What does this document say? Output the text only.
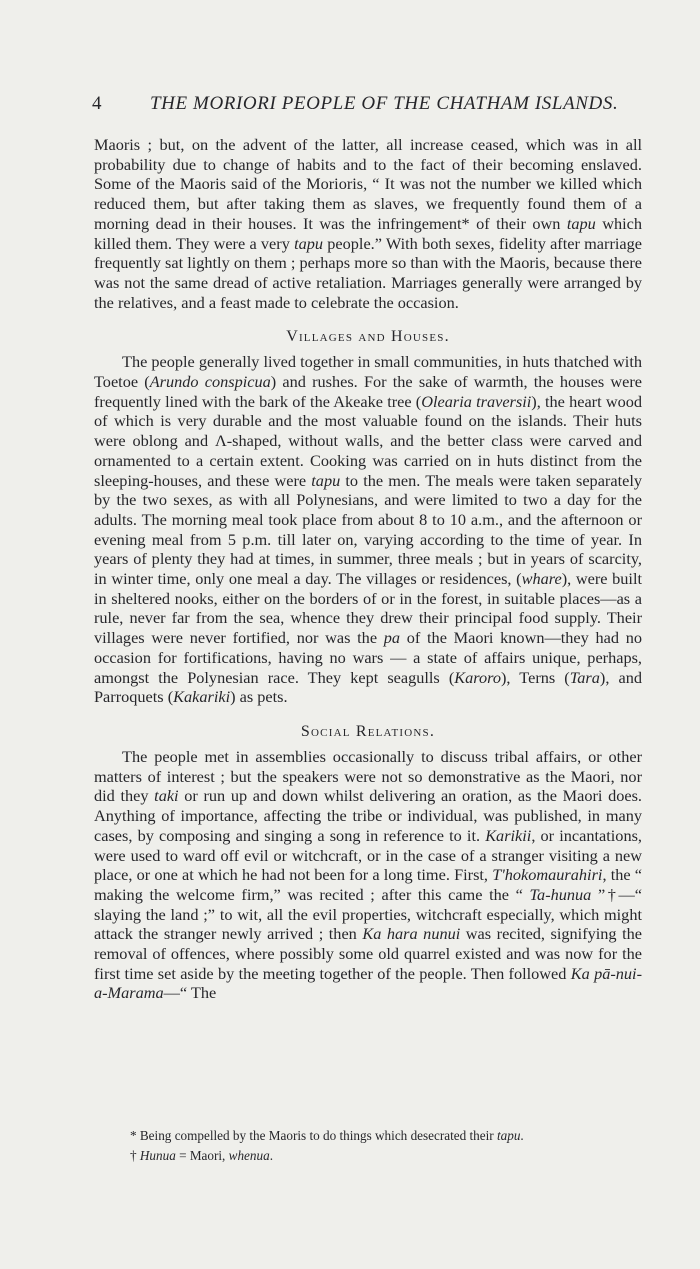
4	THE MORIORI PEOPLE OF THE CHATHAM ISLANDS.

Maoris ; but, on the advent of the latter, all increase ceased, which was in all probability due to change of habits and to the fact of their becoming enslaved. Some of the Maoris said of the Morioris, “ It was not the number we killed which reduced them, but after taking them as slaves, we frequently found them of a morning dead in their houses. It was the infringement* of their own tapu which killed them. They were a very tapu people.” With both sexes, fidelity after marriage frequently sat lightly on them ; perhaps more so than with the Maoris, because there was not the same dread of active retaliation. Marriages generally were arranged by the relatives, and a feast made to celebrate the occasion.

Villages and Houses.

The people generally lived together in small communities, in huts thatched with Toetoe (Arundo conspicua) and rushes. For the sake of warmth, the houses were frequently lined with the bark of the Akeake tree (Olearia traversii), the heart wood of which is very durable and the most valuable found on the islands. Their huts were oblong and Λ-shaped, without walls, and the better class were carved and ornamented to a certain extent. Cooking was carried on in huts distinct from the sleeping-houses, and these were tapu to the men. The meals were taken separately by the two sexes, as with all Polynesians, and were limited to two a day for the adults. The morning meal took place from about 8 to 10 a.m., and the afternoon or evening meal from 5 p.m. till later on, varying according to the time of year. In years of plenty they had at times, in summer, three meals ; but in years of scarcity, in winter time, only one meal a day. The villages or residences, (whare), were built in sheltered nooks, either on the borders of or in the forest, in suitable places—as a rule, never far from the sea, whence they drew their principal food supply. Their villages were never fortified, nor was the pa of the Maori known—they had no occasion for fortifications, having no wars — a state of affairs unique, perhaps, amongst the Polynesian race. They kept seagulls (Karoro), Terns (Tara), and Parroquets (Kakariki) as pets.

Social Relations.

The people met in assemblies occasionally to discuss tribal affairs, or other matters of interest ; but the speakers were not so demonstrative as the Maori, nor did they taki or run up and down whilst delivering an oration, as the Maori does. Anything of importance, affecting the tribe or individual, was published, in many cases, by composing and singing a song in reference to it. Karikii, or incantations, were used to ward off evil or witchcraft, or in the case of a stranger visiting a new place, or one at which he had not been for a long time. First, T'hokomaurahiri, the “ making the welcome firm,” was recited ; after this came the “ Ta-hunua ”†—“ slaying the land ;” to wit, all the evil properties, witchcraft especially, which might attack the stranger newly arrived ; then Ka hara nunui was recited, signifying the removal of offences, where possibly some old quarrel existed and was now for the first time set aside by the meeting together of the people. Then followed Ka pā-nui-a-Marama—“ The

* Being compelled by the Maoris to do things which desecrated their tapu.
† Hunua = Maori, whenua.
